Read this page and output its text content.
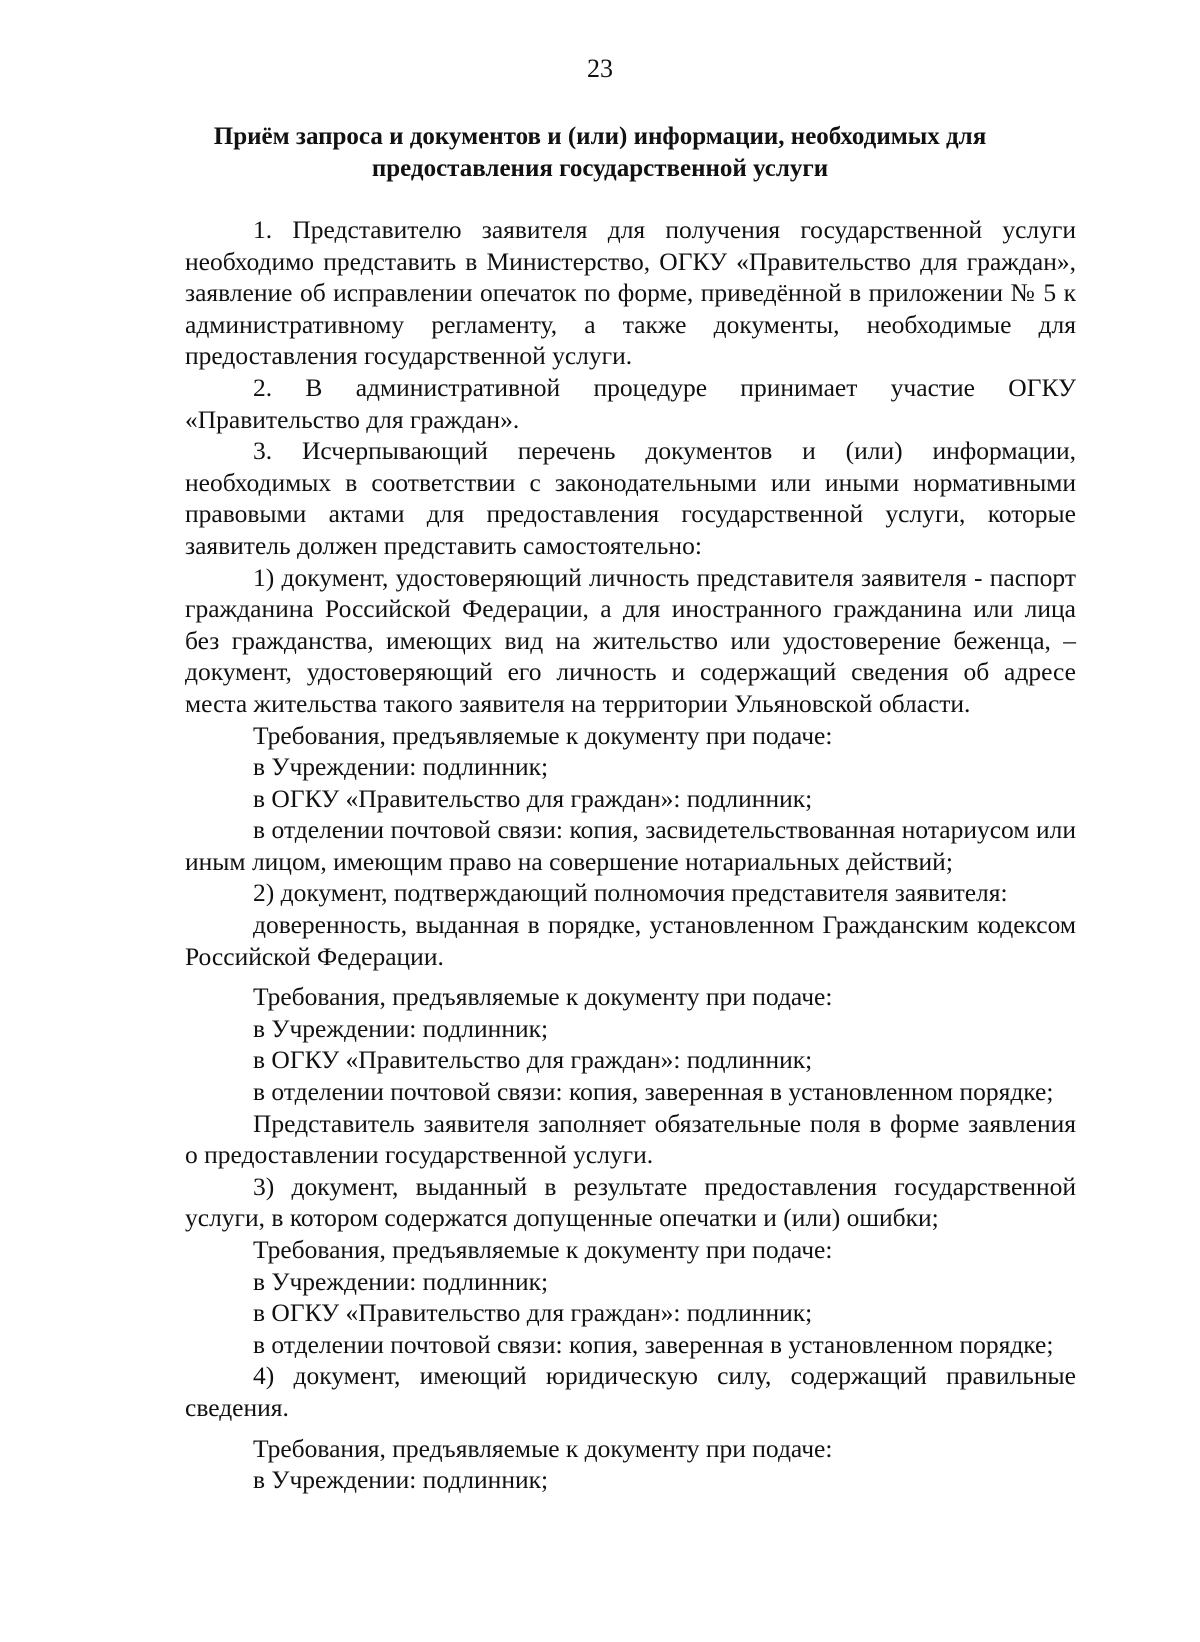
23
Приём запроса и документов и (или) информации, необходимых для
предоставления государственной услуги

1. Представителю заявителя для получения государственной услуги необходимо представить в Министерство, ОГКУ «Правительство для граждан», заявление об исправлении опечаток по форме, приведённой в приложении № 5 к административному регламенту, а также документы, необходимые для предоставления государственной услуги.

2. В административной процедуре принимает участие ОГКУ «Правительство для граждан».

3. Исчерпывающий перечень документов и (или) информации, необходимых в соответствии с законодательными или иными нормативными правовыми актами для предоставления государственной услуги, которые заявитель должен представить самостоятельно:

1) документ, удостоверяющий личность представителя заявителя - паспорт гражданина Российской Федерации, а для иностранного гражданина или лица без гражданства, имеющих вид на жительство или удостоверение беженца, – документ, удостоверяющий его личность и содержащий сведения об адресе места жительства такого заявителя на территории Ульяновской области.

Требования, предъявляемые к документу при подаче:

в Учреждении: подлинник;

в ОГКУ «Правительство для граждан»: подлинник;

в отделении почтовой связи: копия, засвидетельствованная нотариусом или иным лицом, имеющим право на совершение нотариальных действий;

2) документ, подтверждающий полномочия представителя заявителя:

доверенность, выданная в порядке, установленном Гражданским кодексом Российской Федерации.

Требования, предъявляемые к документу при подаче:

в Учреждении: подлинник;

в ОГКУ «Правительство для граждан»: подлинник;

в отделении почтовой связи: копия, заверенная в установленном порядке;

Представитель заявителя заполняет обязательные поля в форме заявления о предоставлении государственной услуги.

3) документ, выданный в результате предоставления государственной услуги, в котором содержатся допущенные опечатки и (или) ошибки;

Требования, предъявляемые к документу при подаче:

в Учреждении: подлинник;

в ОГКУ «Правительство для граждан»: подлинник;

в отделении почтовой связи: копия, заверенная в установленном порядке;

4) документ, имеющий юридическую силу, содержащий правильные сведения.

Требования, предъявляемые к документу при подаче:

в Учреждении: подлинник;
